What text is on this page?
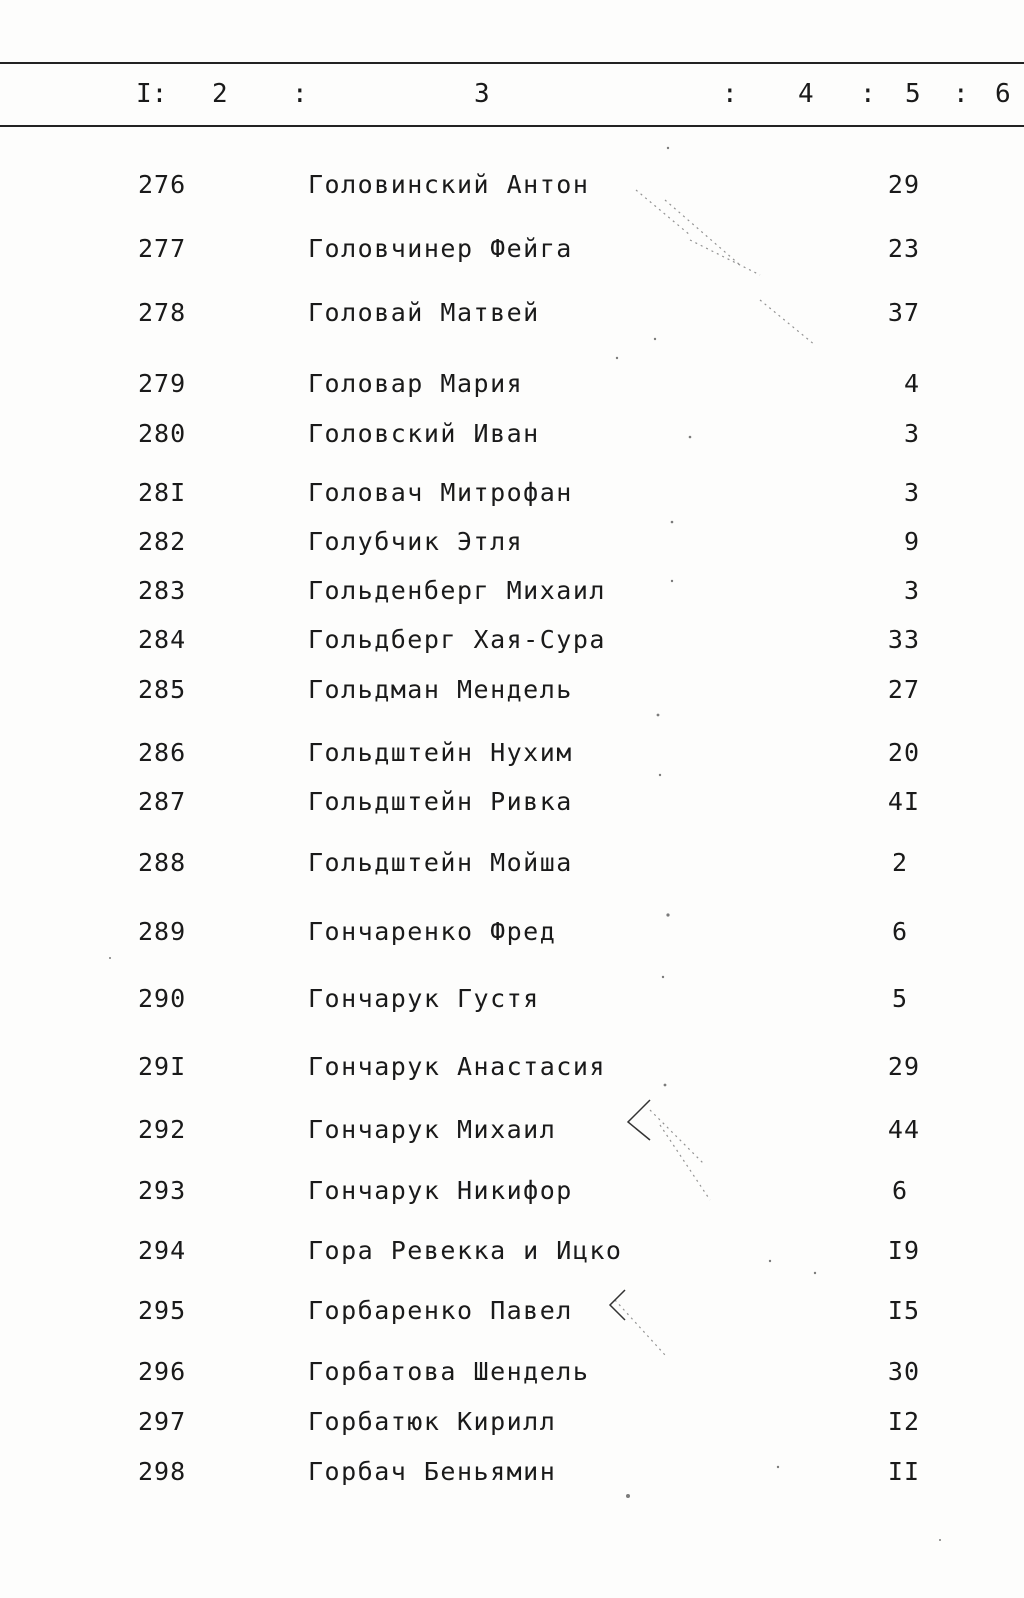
I: 2 :	3	: 4 : 5 : 6
276	Головинский Антон	29
277	Головчинер Фейга	23
278	Головай Матвей	37
279	Головар Мария	4
280	Головский Иван	3
28I	Головач Митрофан	3
282	Голубчик Этля	9
283	Гольденберг Михаил	3
284	Гольдберг Хая-Сура	33
285	Гольдман Мендель	27
286	Гольдштейн Нухим	20
287	Гольдштейн Ривка	4I
288	Гольдштейн Мойша	2
289	Гончаренко Фред	6
290	Гончарук Густя	5
29I	Гончарук Анастасия	29
292	Гончарук Михаил	44
293	Гончарук Никифор	6
294	Гора Ревекка и Ицко	I9
295	Горбаренко Павел	I5
296	Горбатова Шендель	30
297	Горбатюк Кирилл	I2
298	Горбач Беньямин	II
